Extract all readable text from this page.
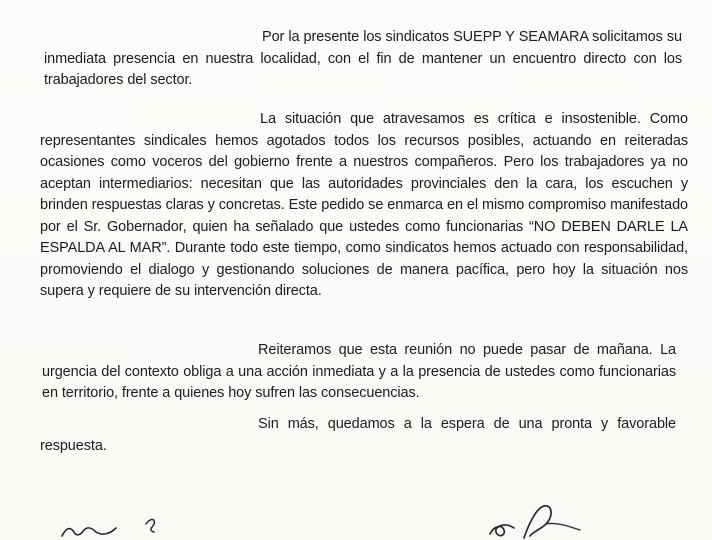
Por la presente los sindicatos SUEPP Y SEAMARA solicitamos su inmediata presencia en nuestra localidad, con el fin de mantener un encuentro directo con los trabajadores del sector.

La situación que atravesamos es crítica e insostenible. Como representantes sindicales hemos agotados todos los recursos posibles, actuando en reiteradas ocasiones como voceros del gobierno frente a nuestros compañeros. Pero los trabajadores ya no aceptan intermediarios: necesitan que las autoridades provinciales den la cara, los escuchen y brinden respuestas claras y concretas. Este pedido se enmarca en el mismo compromiso manifestado por el Sr. Gobernador, quien ha señalado que ustedes como funcionarias “NO DEBEN DARLE LA ESPALDA AL MAR”. Durante todo este tiempo, como sindicatos hemos actuado con responsabilidad, promoviendo el dialogo y gestionando soluciones de manera pacífica, pero hoy la situación nos supera y requiere de su intervención directa.

Reiteramos que esta reunión no puede pasar de mañana. La urgencia del contexto obliga a una acción inmediata y a la presencia de ustedes como funcionarias en territorio, frente a quienes hoy sufren las consecuencias.

Sin más, quedamos a la espera de una pronta y favorable respuesta.
